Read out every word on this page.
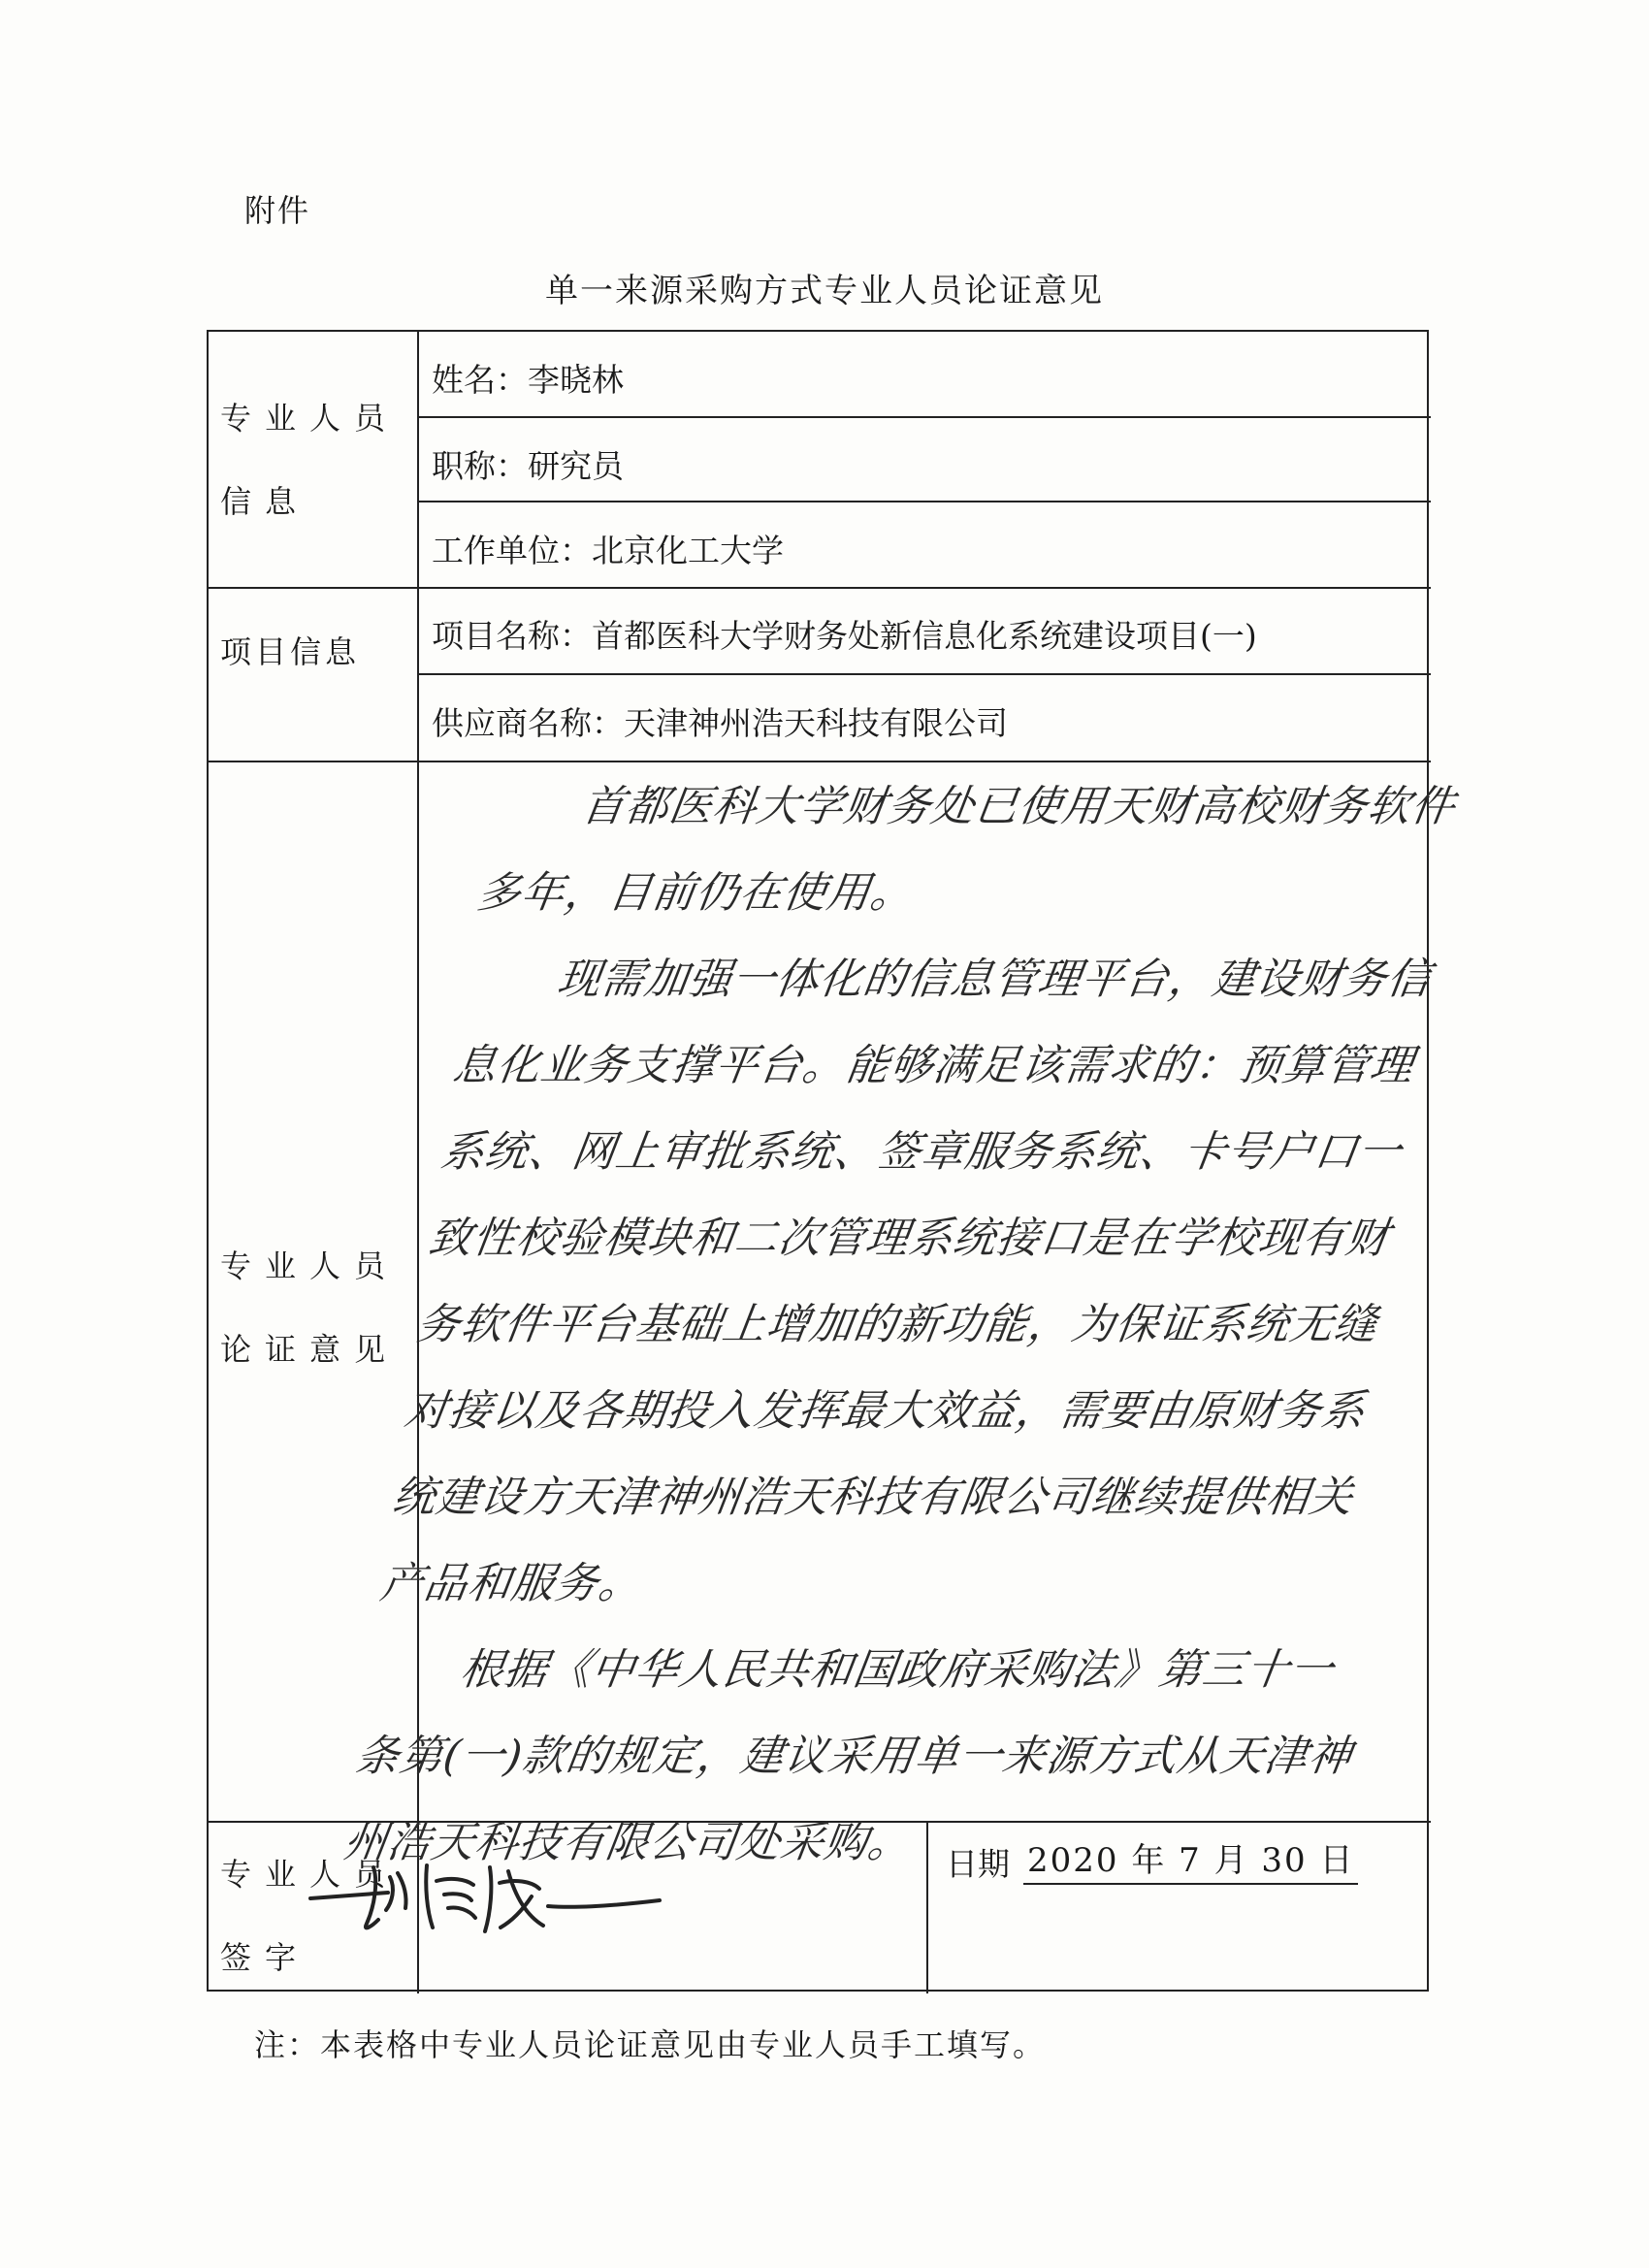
附件
单一来源采购方式专业人员论证意见
专业人员信息
项目信息
专业人员论证意见
专业人员签字
姓名：李晓林
职称：研究员
工作单位：北京化工大学
项目名称：首都医科大学财务处新信息化系统建设项目(一)
供应商名称：天津神州浩天科技有限公司

首都医科大学财务处已使用天财高校财务软件多年，目前仍在使用。

现需加强一体化的信息管理平台，建设财务信息化业务支撑平台。能够满足该需求的：预算管理系统、网上审批系统、签章服务系统、卡号户口一致性校验模块和二次管理系统接口是在学校现有财务软件平台基础上增加的新功能，为保证系统无缝对接以及各期投入发挥最大效益，需要由原财务系统建设方天津神州浩天科技有限公司继续提供相关产品和服务。

根据《中华人民共和国政府采购法》第三十一条第(一)款的规定，建议采用单一来源方式从天津神州浩天科技有限公司处采购。 日期 2020 年 7 月 30 日
注：本表格中专业人员论证意见由专业人员手工填写。
